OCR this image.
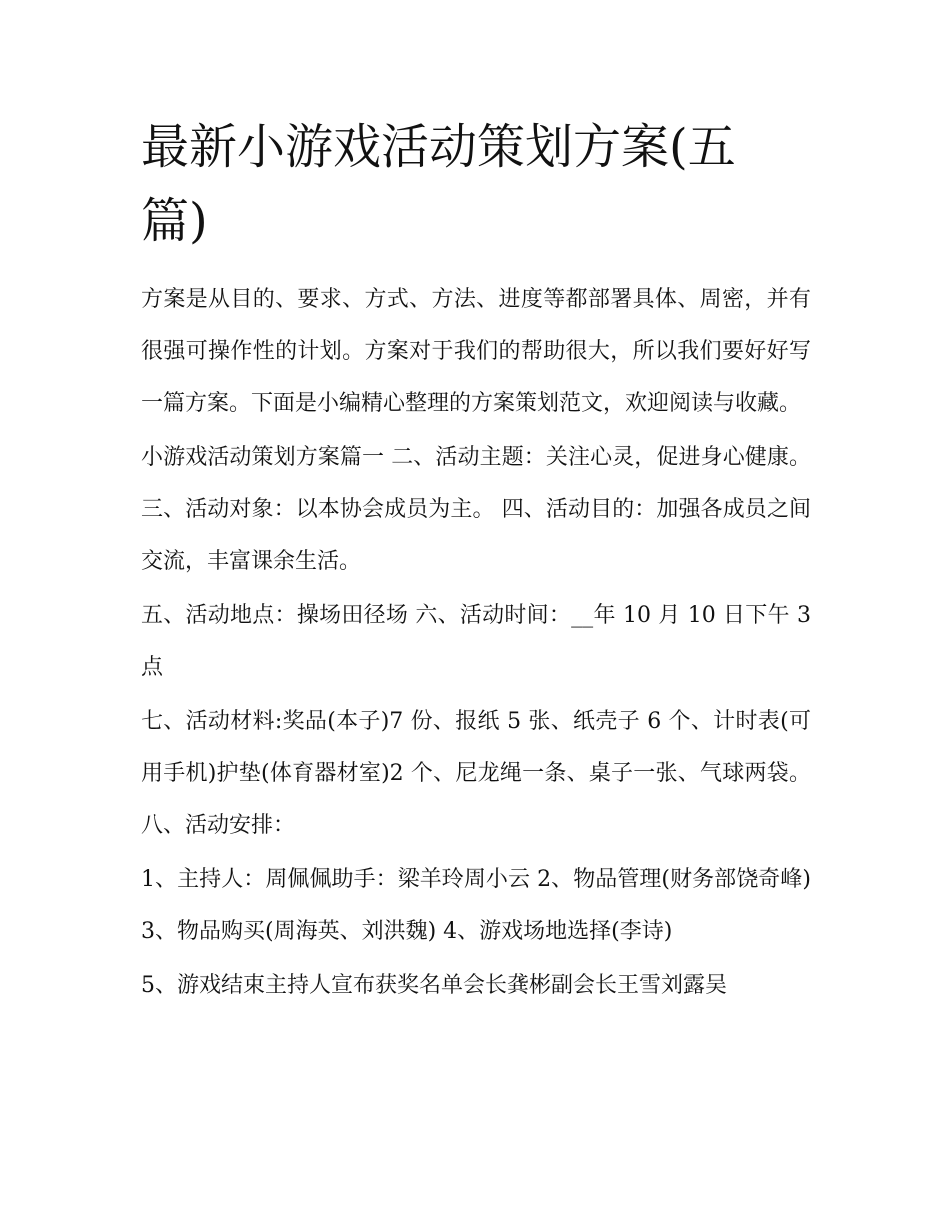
最新小游戏活动策划方案(五篇)

方案是从目的、要求、方式、方法、进度等都部署具体、周密，并有很强可操作性的计划。方案对于我们的帮助很大，所以我们要好好写一篇方案。下面是小编精心整理的方案策划范文，欢迎阅读与收藏。

小游戏活动策划方案篇一 二、活动主题：关注心灵，促进身心健康。 三、活动对象：以本协会成员为主。 四、活动目的：加强各成员之间交流，丰富课余生活。

五、活动地点：操场田径场 六、活动时间：__年 10 月 10 日下午 3 点

七、活动材料:奖品(本子)7 份、报纸 5 张、纸壳子 6 个、计时表(可用手机)护垫(体育器材室)2 个、尼龙绳一条、桌子一张、气球两袋。 八、活动安排：

1、主持人：周佩佩助手：梁羊玲周小云 2、物品管理(财务部饶奇峰) 3、物品购买(周海英、刘洪魏) 4、游戏场地选择(李诗)

5、游戏结束主持人宣布获奖名单会长龚彬副会长王雪刘露吴
